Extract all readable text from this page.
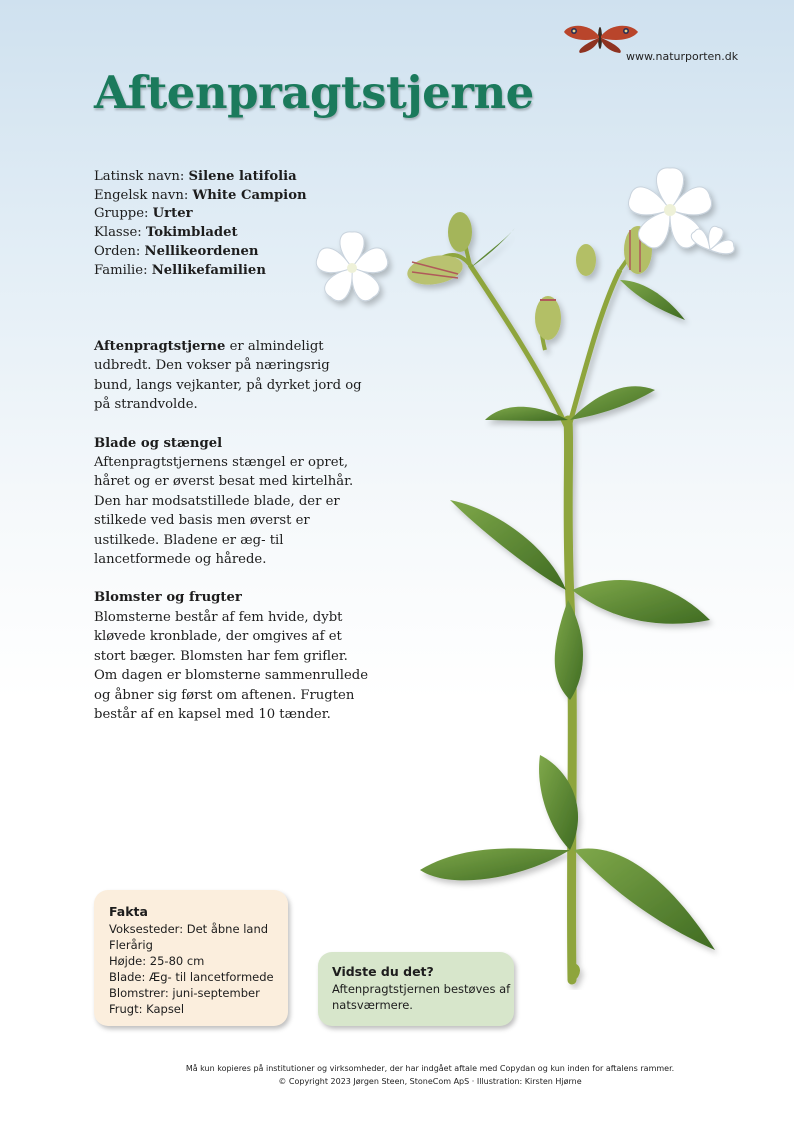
www.naturporten.dk
Aftenpragtstjerne
Latinsk navn: Silene latifolia
Engelsk navn: White Campion
Gruppe: Urter
Klasse: Tokimbladet
Orden: Nellikeordenen
Familie: Nellikefamilien

Aftenpragtstjerne er almindeligt udbredt. Den vokser på næringsrig bund, langs vejkanter, på dyrket jord og på strandvolde.

Blade og stængel

Aftenpragtstjernens stængel er opret, håret og er øverst besat med kirtelhår. Den har modsatstillede blade, der er stilkede ved basis men øverst er ustilkede. Bladene er æg- til lancetformede og hårede.

Blomster og frugter

Blomsterne består af fem hvide, dybt kløvede kronblade, der omgives af et stort bæger. Blomsten har fem grifler. Om dagen er blomsterne sammenrullede og åbner sig først om aftenen. Frugten består af en kapsel med 10 tænder.

Fakta
Voksesteder: Det åbne land
Flerårig
Højde: 25-80 cm
Blade: Æg- til lancetformede
Blomstrer: juni-september
Frugt: Kapsel
Vidste du det?
Aftenpragtstjernen bestøves af natsværmere.
Må kun kopieres på institutioner og virksomheder, der har indgået aftale med Copydan og kun inden for aftalens rammer.
© Copyright 2023 Jørgen Steen, StoneCom ApS · Illustration: Kirsten Hjørne
